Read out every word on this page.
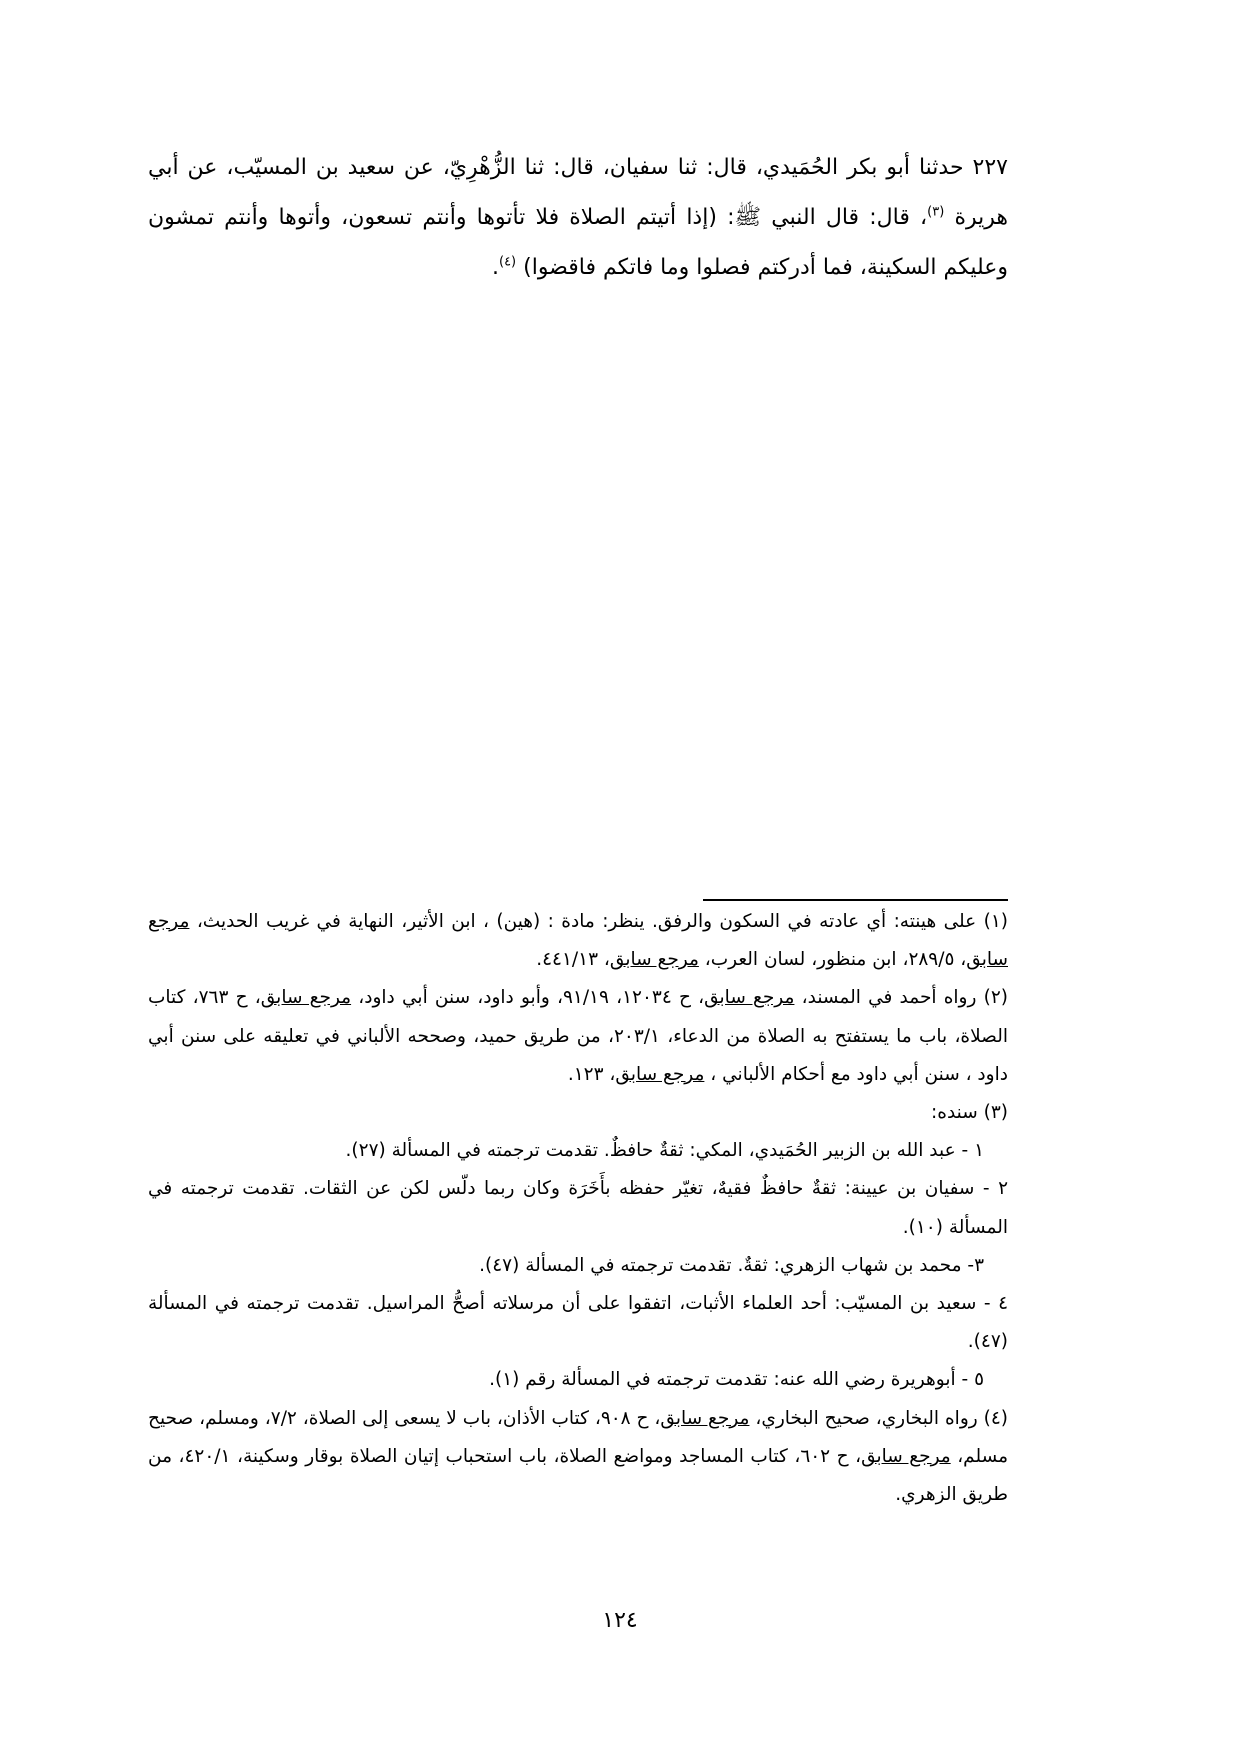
٢٢٧ حدثنا أبو بكر الحُمَيدي، قال: ثنا سفيان، قال: ثنا الزُّهْرِيّ، عن سعيد بن المسيّب، عن أبي هريرة $^{(٣)}$، قال: قال النبي ﷺ: (إذا أتيتم الصلاة فلا تأتوها وأنتم تسعون، وأتوها وأنتم تمشون وعليكم السكينة، فما أدركتم فصلوا وما فاتكم فاقضوا) $^{(٤)}$.

(١) على هينته: أي عادته في السكون والرفق. ينظر: مادة : (هين) ، ابن الأثير، النهاية في غريب الحديث، مرجع سابق، ٢٨٩/٥، ابن منظور، لسان العرب، مرجع سابق، ٤٤١/١٣.

(٢) رواه أحمد في المسند، مرجع سابق، ح ١٢٠٣٤، ٩١/١٩، وأبو داود، سنن أبي داود، مرجع سابق، ح ٧٦٣، كتاب الصلاة، باب ما يستفتح به الصلاة من الدعاء، ٢٠٣/١، من طريق حميد، وصححه الألباني في تعليقه على سنن أبي داود ، سنن أبي داود مع أحكام الألباني ، مرجع سابق، ١٢٣.

(٣) سنده:

١ - عبد الله بن الزبير الحُمَيدي، المكي: ثقةٌ حافظٌ. تقدمت ترجمته في المسألة (٢٧).

٢ - سفيان بن عيينة: ثقةٌ حافظٌ فقيهٌ، تغيّر حفظه بأَخَرَة وكان ربما دلّس لكن عن الثقات. تقدمت ترجمته في المسألة (١٠).

٣- محمد بن شهاب الزهري: ثقةٌ. تقدمت ترجمته في المسألة (٤٧).

٤ - سعيد بن المسيّب: أحد العلماء الأثبات، اتفقوا على أن مرسلاته أصحُّ المراسيل. تقدمت ترجمته في المسألة (٤٧).

٥ - أبوهريرة رضي الله عنه: تقدمت ترجمته في المسألة رقم (١).

(٤) رواه البخاري، صحيح البخاري، مرجع سابق، ح ٩٠٨، كتاب الأذان، باب لا يسعى إلى الصلاة، ٧/٢، ومسلم، صحيح مسلم، مرجع سابق، ح ٦٠٢، كتاب المساجد ومواضع الصلاة، باب استحباب إتيان الصلاة بوقار وسكينة، ٤٢٠/١، من طريق الزهري.

١٢٤
